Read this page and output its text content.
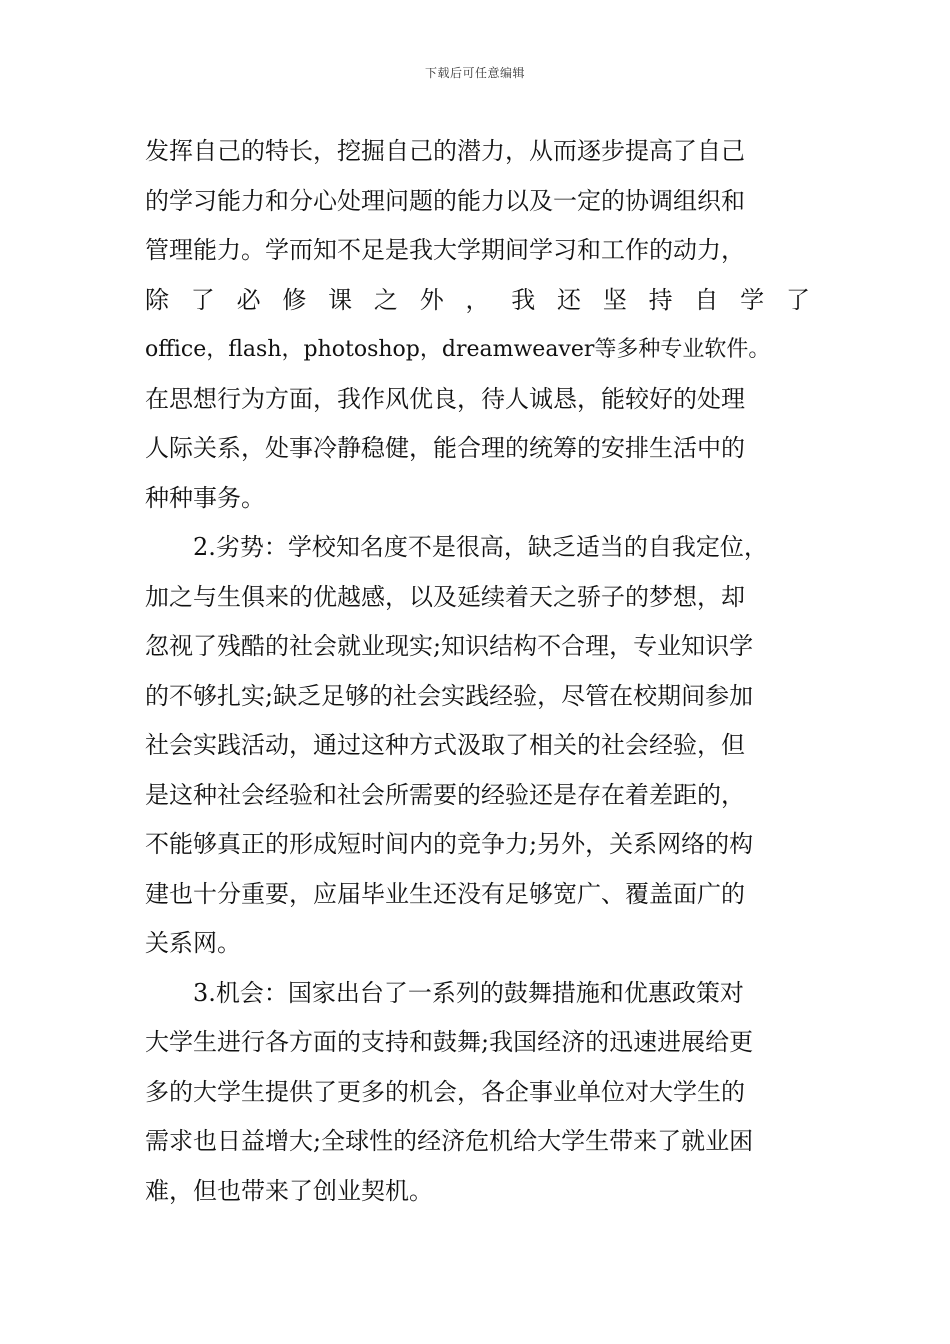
下载后可任意编辑
发挥自己的特长，挖掘自己的潜力，从而逐步提高了自己
的学习能力和分心处理问题的能力以及一定的协调组织和
管理能力。学而知不足是我大学期间学习和工作的动力，
除 了 必 修 课 之 外 ， 我 还 坚 持 自 学 了
office，flash，photoshop，dreamweaver等多种专业软件。
在思想行为方面，我作风优良，待人诚恳，能较好的处理
人际关系，处事冷静稳健，能合理的统筹的安排生活中的
种种事务。
2.劣势：学校知名度不是很高，缺乏适当的自我定位，
加之与生俱来的优越感，以及延续着天之骄子的梦想，却
忽视了残酷的社会就业现实;知识结构不合理，专业知识学
的不够扎实;缺乏足够的社会实践经验，尽管在校期间参加
社会实践活动，通过这种方式汲取了相关的社会经验，但
是这种社会经验和社会所需要的经验还是存在着差距的，
不能够真正的形成短时间内的竞争力;另外，关系网络的构
建也十分重要，应届毕业生还没有足够宽广、覆盖面广的
关系网。
3.机会：国家出台了一系列的鼓舞措施和优惠政策对
大学生进行各方面的支持和鼓舞;我国经济的迅速进展给更
多的大学生提供了更多的机会，各企事业单位对大学生的
需求也日益增大;全球性的经济危机给大学生带来了就业困
难，但也带来了创业契机。
